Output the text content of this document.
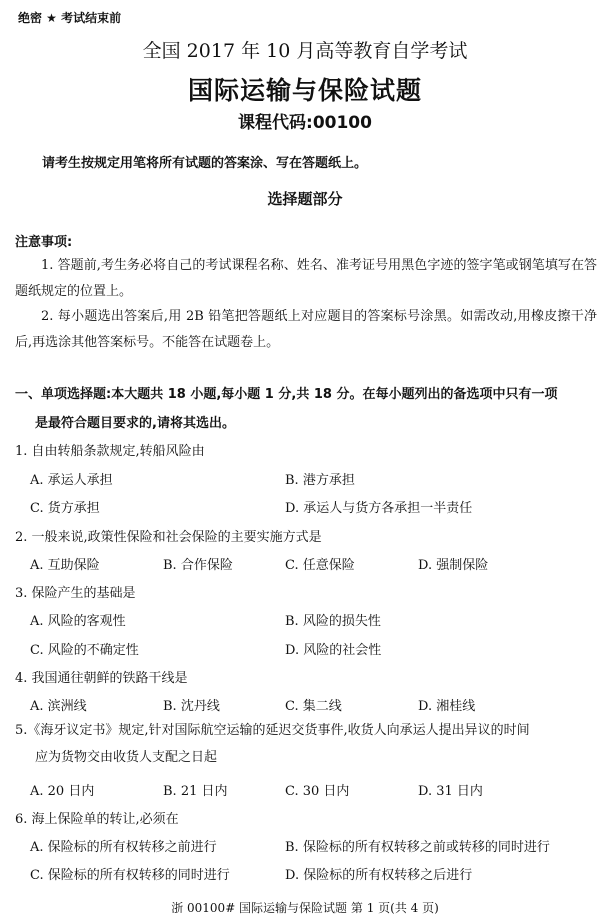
绝密 ★ 考试结束前
全国 2017 年 10 月高等教育自学考试
国际运输与保险试题
课程代码:00100
请考生按规定用笔将所有试题的答案涂、写在答题纸上。
选择题部分
注意事项:
1. 答题前,考生务必将自己的考试课程名称、姓名、准考证号用黑色字迹的签字笔或钢笔填写在答题纸规定的位置上。
2. 每小题选出答案后,用 2B 铅笔把答题纸上对应题目的答案标号涂黑。如需改动,用橡皮擦干净后,再选涂其他答案标号。不能答在试题卷上。
一、单项选择题:本大题共 18 小题,每小题 1 分,共 18 分。在每小题列出的备选项中只有一项
是最符合题目要求的,请将其选出。
1. 自由转船条款规定,转船风险由
A. 承运人承担	B. 港方承担
C. 货方承担	D. 承运人与货方各承担一半责任
2. 一般来说,政策性保险和社会保险的主要实施方式是
A. 互助保险	B. 合作保险	C. 任意保险	D. 强制保险
3. 保险产生的基础是
A. 风险的客观性	B. 风险的损失性
C. 风险的不确定性	D. 风险的社会性
4. 我国通往朝鲜的铁路干线是
A. 滨洲线	B. 沈丹线	C. 集二线	D. 湘桂线
5.《海牙议定书》规定,针对国际航空运输的延迟交货事件,收货人向承运人提出异议的时间
应为货物交由收货人支配之日起
A. 20 日内	B. 21 日内	C. 30 日内	D. 31 日内
6. 海上保险单的转让,必须在
A. 保险标的所有权转移之前进行	B. 保险标的所有权转移之前或转移的同时进行
C. 保险标的所有权转移的同时进行	D. 保险标的所有权转移之后进行
浙 00100# 国际运输与保险试题 第 1 页(共 4 页)
